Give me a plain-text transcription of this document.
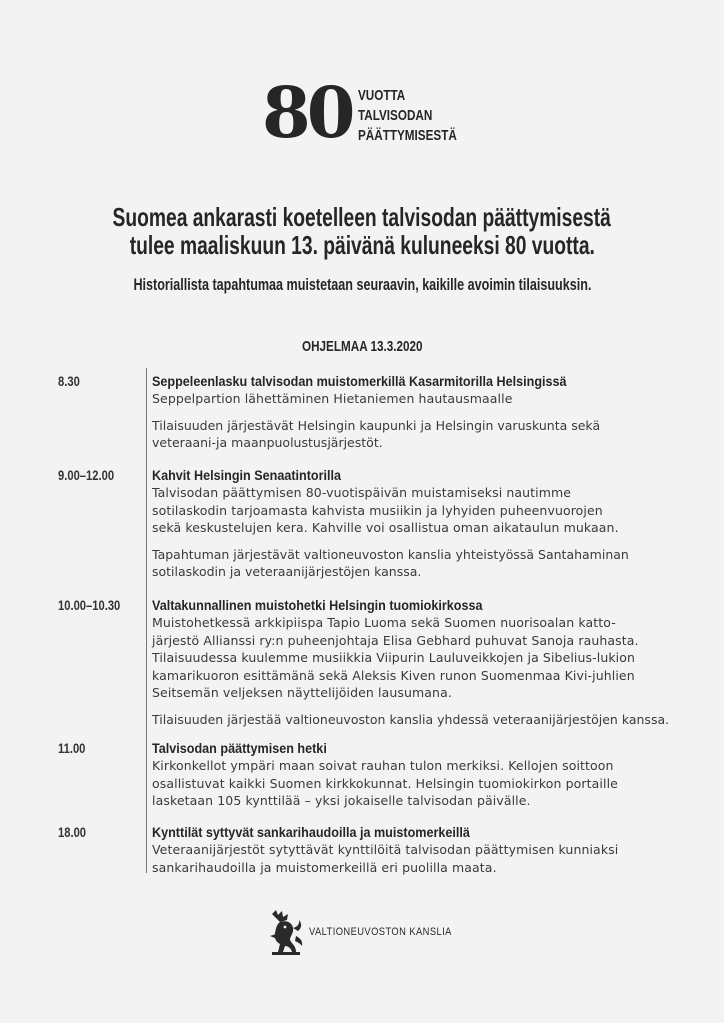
80 VUOTTA
TALVISODAN
PÄÄTTYMISESTÄ
Suomea ankarasti koetelleen talvisodan päättymisestä
tulee maaliskuun 13. päivänä kuluneeksi 80 vuotta.
Historiallista tapahtumaa muistetaan seuraavin, kaikille avoimin tilaisuuksin.
OHJELMAA 13.3.2020
8.30	Seppeleenlasku talvisodan muistomerkillä Kasarmitorilla Helsingissä

Seppelpartion lähettäminen Hietaniemen hautausmaalle

Tilaisuuden järjestävät Helsingin kaupunki ja Helsingin varuskunta sekä

veteraani-ja maanpuolustusjärjestöt.

9.00–12.00	Kahvit Helsingin Senaatintorilla

Talvisodan päättymisen 80-vuotispäivän muistamiseksi nautimme

sotilaskodin tarjoamasta kahvista musiikin ja lyhyiden puheenvuorojen

sekä keskustelujen kera. Kahville voi osallistua oman aikataulun mukaan.

Tapahtuman järjestävät valtioneuvoston kanslia yhteistyössä Santahaminan

sotilaskodin ja veteraanijärjestöjen kanssa.

10.00–10.30 Valtakunnallinen muistohetki Helsingin tuomiokirkossa

Muistohetkessä arkkipiispa Tapio Luoma sekä Suomen nuorisoalan katto-

järjestö Allianssi ry:n puheenjohtaja Elisa Gebhard puhuvat Sanoja rauhasta.

Tilaisuudessa kuulemme musiikkia Viipurin Lauluveikkojen ja Sibelius-lukion

kamarikuoron esittämänä sekä Aleksis Kiven runon Suomenmaa Kivi-juhlien

Seitsemän veljeksen näyttelijöiden lausumana.

Tilaisuuden järjestää valtioneuvoston kanslia yhdessä veteraanijärjestöjen kanssa.

11.00	Talvisodan päättymisen hetki

Kirkonkellot ympäri maan soivat rauhan tulon merkiksi. Kellojen soittoon

osallistuvat kaikki Suomen kirkkokunnat. Helsingin tuomiokirkon portaille

lasketaan 105 kynttilää – yksi jokaiselle talvisodan päivälle.

18.00	Kynttilät syttyvät sankarihaudoilla ja muistomerkeillä

Veteraanijärjestöt sytyttävät kynttilöitä talvisodan päättymisen kunniaksi

sankarihaudoilla ja muistomerkeillä eri puolilla maata.

VALTIONEUVOSTON KANSLIA
